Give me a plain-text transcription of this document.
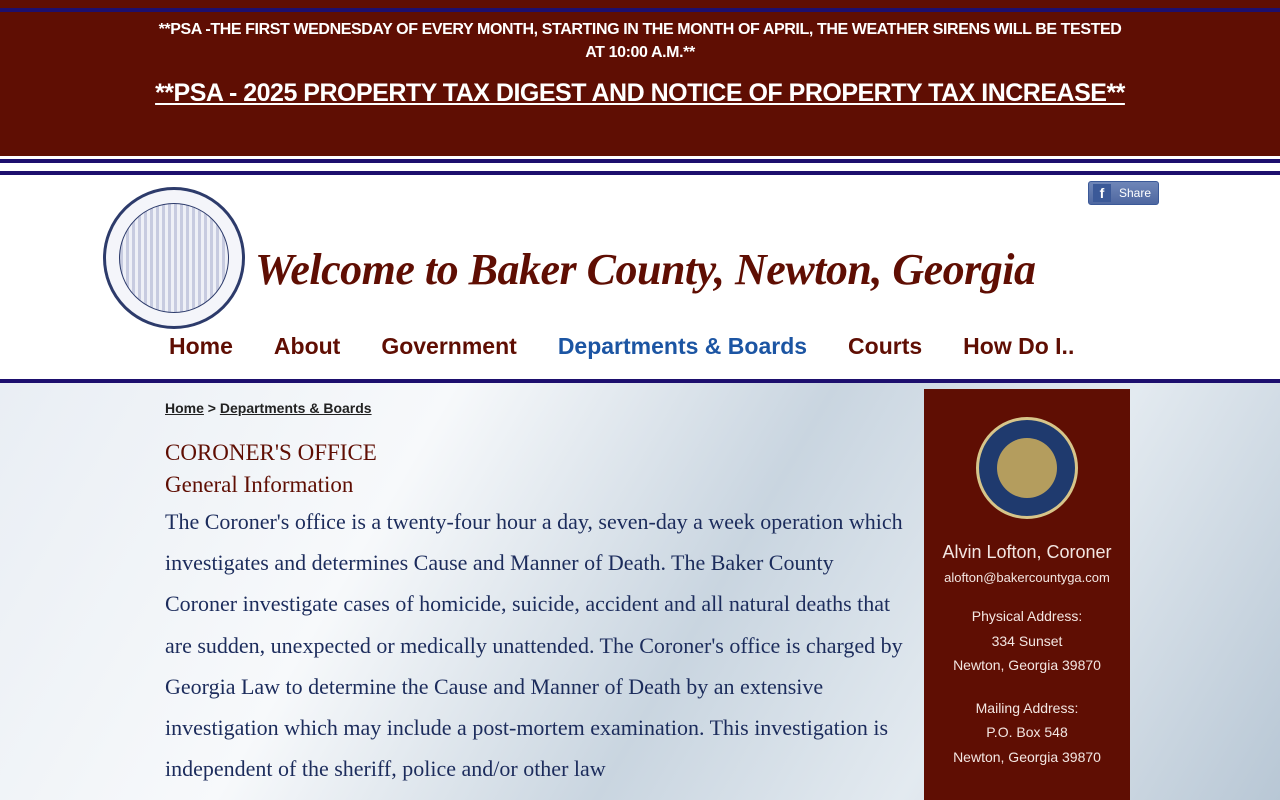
**PSA -THE FIRST WEDNESDAY OF EVERY MONTH, STARTING IN THE MONTH OF APRIL, THE WEATHER SIRENS WILL BE TESTED AT 10:00 A.M.**
**PSA - 2025 PROPERTY TAX DIGEST AND NOTICE OF PROPERTY TAX INCREASE**
f	Share
Welcome to Baker County, Newton, Georgia
Home About Government Departments & Boards Courts How Do I..
Home > Departments & Boards
CORONER'S OFFICE
General Information
The Coroner's office is a twenty-four hour a day, seven-day a week operation which investigates and determines Cause and Manner of Death. The Baker County Coroner investigate cases of homicide, suicide, accident and all natural deaths that are sudden, unexpected or medically unattended. The Coroner's office is charged by Georgia Law to determine the Cause and Manner of Death by an extensive investigation which may include a post-mortem examination. This investigation is independent of the sheriff, police and/or other law
Alvin Lofton, Coroner
alofton@bakercountyga.com
Physical Address:
334 Sunset
Newton, Georgia 39870
Mailing Address:
P.O. Box 548
Newton, Georgia 39870
